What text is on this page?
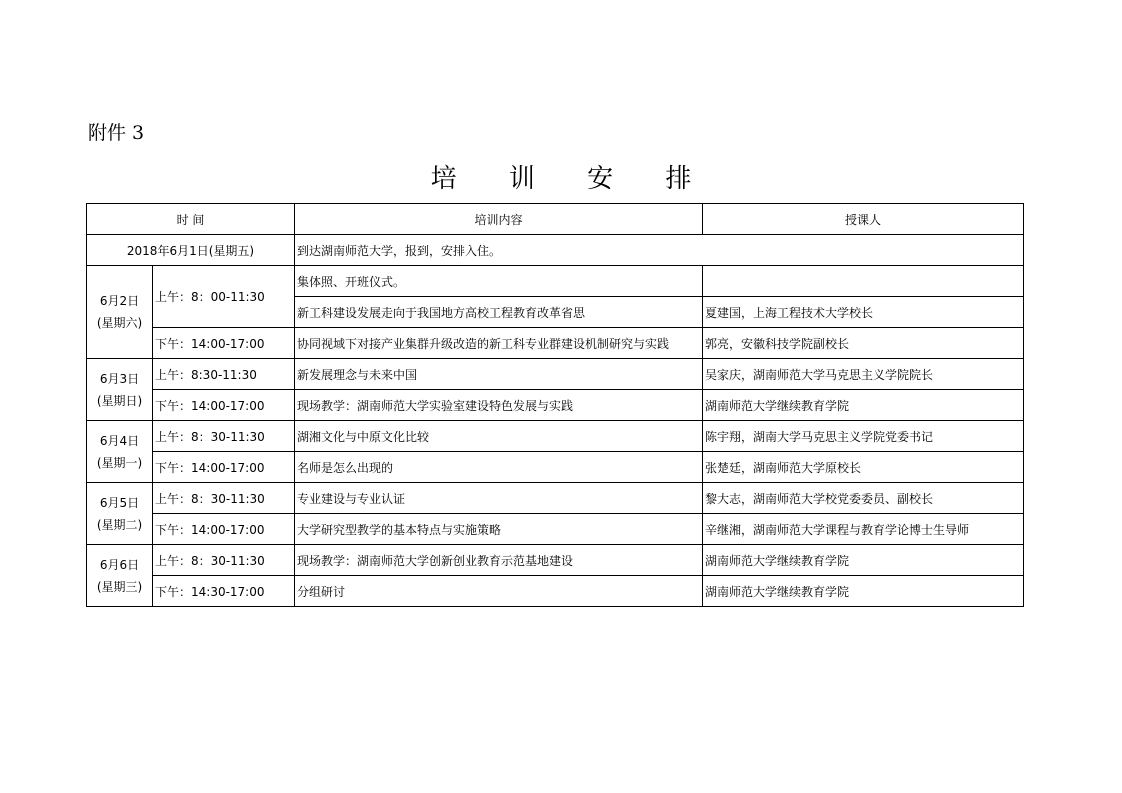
附件 3
培 训 安 排
时 间		培训内容	授课人
2018年6月1日(星期五)		到达湖南师范大学，报到，安排入住。	

6月2日
(星期六)	上午：8：00-11:30	集体照、开班仪式。	
		新工科建设发展走向于我国地方高校工程教育改革省思	夏建国，上海工程技术大学校长
	下午：14:00-17:00	协同视域下对接产业集群升级改造的新工科专业群建设机制研究与实践	郭亮，安徽科技学院副校长

6月3日
(星期日)	上午：8:30-11:30	新发展理念与未来中国	吴家庆，湖南师范大学马克思主义学院院长
	下午：14:00-17:00	现场教学：湖南师范大学实验室建设特色发展与实践	湖南师范大学继续教育学院

6月4日
(星期一)	上午：8：30-11:30	湖湘文化与中原文化比较	陈宇翔，湖南大学马克思主义学院党委书记
	下午：14:00-17:00	名师是怎么出现的	张楚廷，湖南师范大学原校长

6月5日
(星期二)	上午：8：30-11:30	专业建设与专业认证	黎大志，湖南师范大学校党委委员、副校长
	下午：14:00-17:00	大学研究型教学的基本特点与实施策略	辛继湘，湖南师范大学课程与教育学论博士生导师

6月6日
(星期三)	上午：8：30-11:30	现场教学：湖南师范大学创新创业教育示范基地建设	湖南师范大学继续教育学院
	下午：14:30-17:00	分组研讨	湖南师范大学继续教育学院
